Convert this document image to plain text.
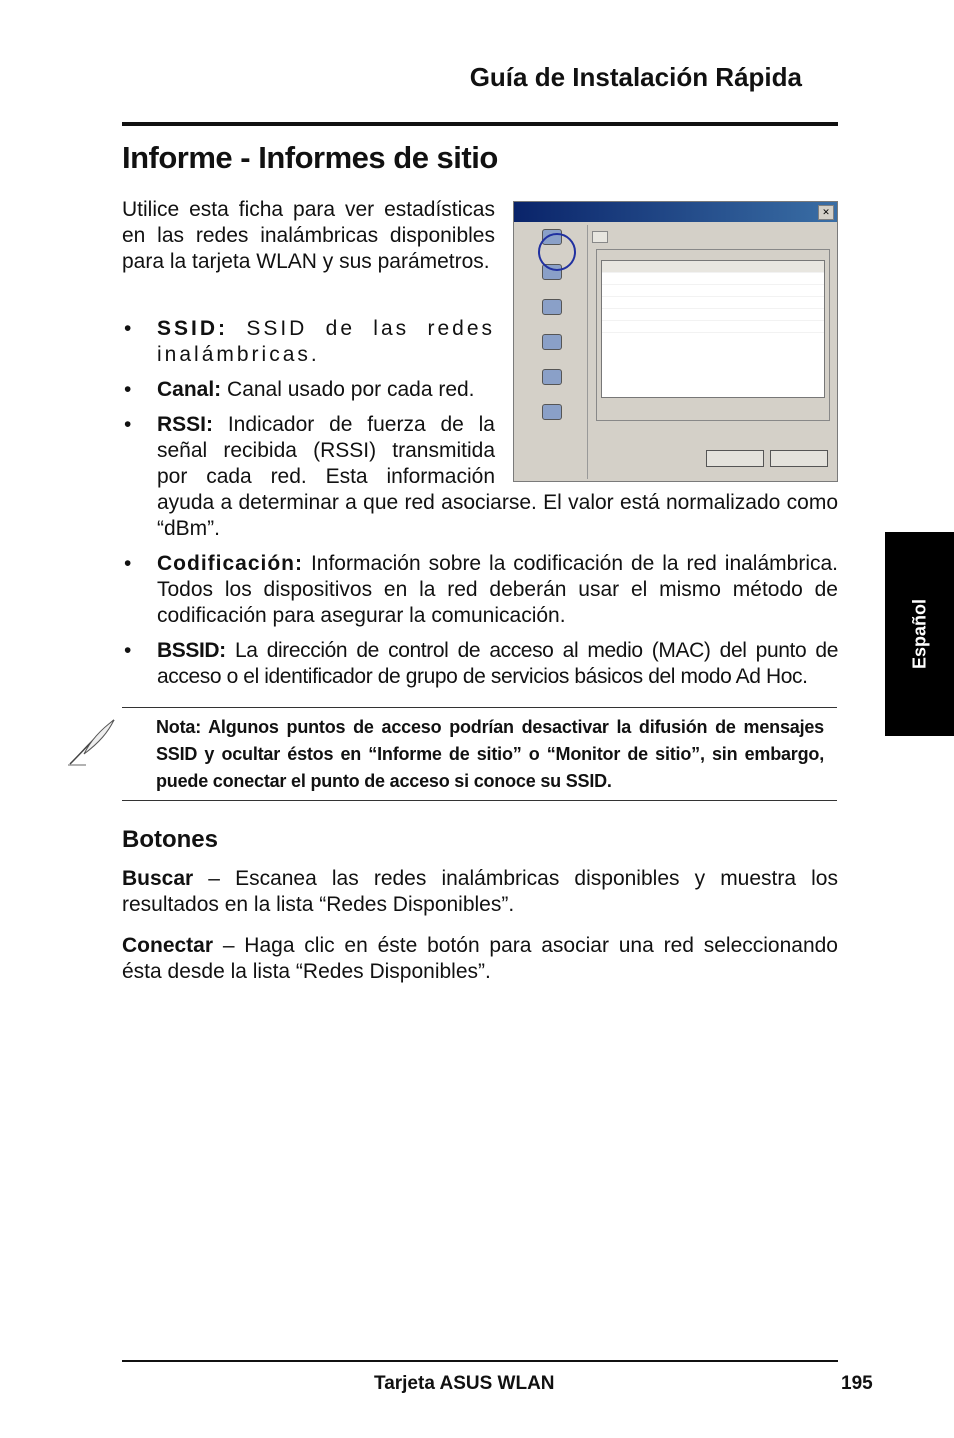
Guía de Instalación Rápida
Informe - Informes de sitio
Utilice esta ficha para ver estadísticas en las redes inalámbricas disponibles para la tarjeta WLAN y sus parámetros.
✕

• SSID: SSID de las redes inalámbricas.
• Canal: Canal usado por cada red.
• RSSI: Indicador de fuerza de la señal recibida (RSSI) transmitida por cada red. Esta información ayuda a determinar a que red asociarse. El valor está normalizado como “dBm”.
• Codificación: Información sobre la codificación de la red inalámbrica. Todos los dispositivos en la red deberán usar el mismo método de codificación para asegurar la comunicación.
• BSSID: La dirección de control de acceso al medio (MAC) del punto de acceso o el identificador de grupo de servicios básicos del modo Ad Hoc.
Nota: Algunos puntos de acceso podrían desactivar la difusión de mensajes SSID y ocultar éstos en “Informe de sitio” o “Monitor de sitio”, sin embargo, puede conectar el punto de acceso si conoce su SSID.
Botones
Buscar – Escanea las redes inalámbricas disponibles y muestra los resultados en la lista “Redes Disponibles”.
Conectar – Haga clic en éste botón para asociar una red seleccionando ésta desde la lista “Redes Disponibles”.
Español
Tarjeta ASUS WLAN	195
